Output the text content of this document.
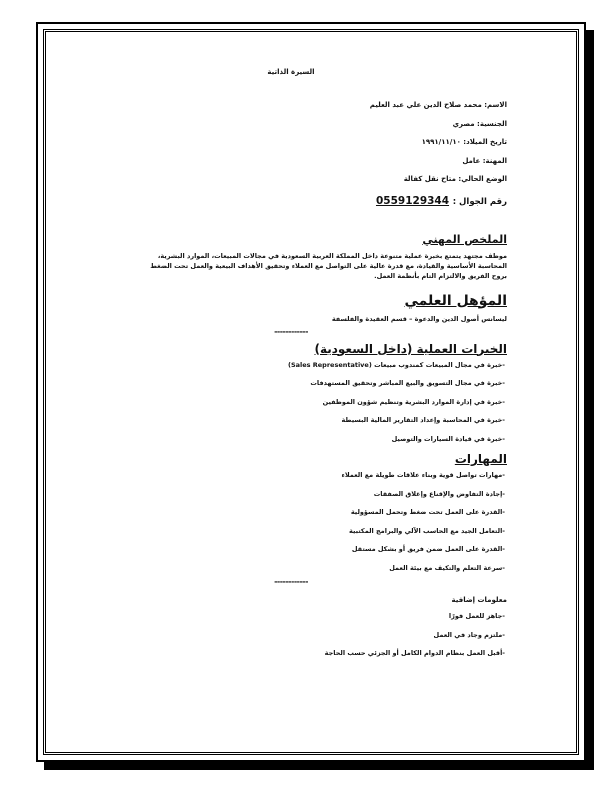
السيرة الذاتية
الاسم: محمد صلاح الدين علي عبد العليم
الجنسية: مصري
تاريخ الميلاد: ١٩٩١/١١/١٠
المهنة: عامل
الوضع الحالي: متاح نقل كفالة
رقم الجوال : 0559129344
الملخص المهني
موظف مجتهد يتمتع بخبرة عملية متنوعة داخل المملكة العربية السعودية في مجالات المبيعات، الموارد البشرية،
المحاسبة الأساسية والقيادة، مع قدرة عالية على التواصل مع العملاء وتحقيق الأهداف البيعية والعمل تحت الضغط
بروح الفريق والالتزام التام بأنظمة العمل.
المؤهل العلمي
ليسانس أصول الدين والدعوة – قسم العقيدة والفلسفة
------------
الخبرات العملية (داخل السعودية)
-خبرة في مجال المبيعات كمندوب مبيعات (Sales Representative)
-خبرة في مجال التسويق والبيع المباشر وتحقيق المستهدفات
-خبرة في إدارة الموارد البشرية وتنظيم شؤون الموظفين
-خبرة في المحاسبة وإعداد التقارير المالية البسيطة
-خبرة في قيادة السيارات والتوصيل
المهارات
-مهارات تواصل قوية وبناء علاقات طويلة مع العملاء
-إجادة التفاوض والإقناع وإغلاق الصفقات
-القدرة على العمل تحت ضغط وتحمل المسؤولية
-التعامل الجيد مع الحاسب الآلي والبرامج المكتبية
-القدرة على العمل ضمن فريق أو بشكل مستقل
-سرعة التعلم والتكيف مع بيئة العمل
------------
معلومات إضافية
-جاهز للعمل فورًا
-ملتزم وجاد في العمل
-أقبل العمل بنظام الدوام الكامل أو الجزئي حسب الحاجة
